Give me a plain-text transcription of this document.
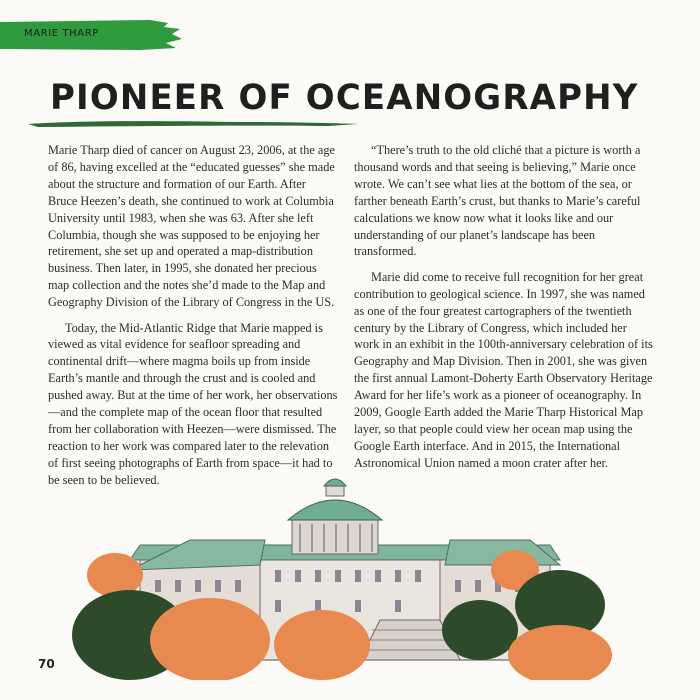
MARIE THARP
PIONEER OF OCEANOGRAPHY

Marie Tharp died of cancer on August 23, 2006, at the age of 86, having excelled at the “educated guesses” she made about the structure and formation of our Earth. After Bruce Heezen’s death, she continued to work at Columbia University until 1983, when she was 63. After she left Columbia, though she was supposed to be enjoying her retirement, she set up and operated a map-distribution business. Then later, in 1995, she donated her precious map collection and the notes she’d made to the Map and Geography Division of the Library of Congress in the US.

Today, the Mid-Atlantic Ridge that Marie mapped is viewed as vital evidence for seafloor spreading and continental drift—where magma boils up from inside Earth’s mantle and through the crust and is cooled and pushed away. But at the time of her work, her observations—and the complete map of the ocean floor that resulted from her collaboration with Heezen—were dismissed. The reaction to her work was compared later to the relevation of first seeing photographs of Earth from space—it had to be seen to be believed.

“There’s truth to the old cliché that a picture is worth a thousand words and that seeing is believing,” Marie once wrote. We can’t see what lies at the bottom of the sea, or farther beneath Earth’s crust, but thanks to Marie’s careful calculations we know now what it looks like and our understanding of our planet’s landscape has been transformed.

Marie did come to receive full recognition for her great contribution to geological science. In 1997, she was named as one of the four greatest cartographers of the twentieth century by the Library of Congress, which included her work in an exhibit in the 100th-anniversary celebration of its Geography and Map Division. Then in 2001, she was given the first annual Lamont-Doherty Earth Observatory Heritage Award for her life’s work as a pioneer of oceanography. In 2009, Google Earth added the Marie Tharp Historical Map layer, so that people could view her ocean map using the Google Earth interface. And in 2015, the International Astronomical Union named a moon crater after her.

70
